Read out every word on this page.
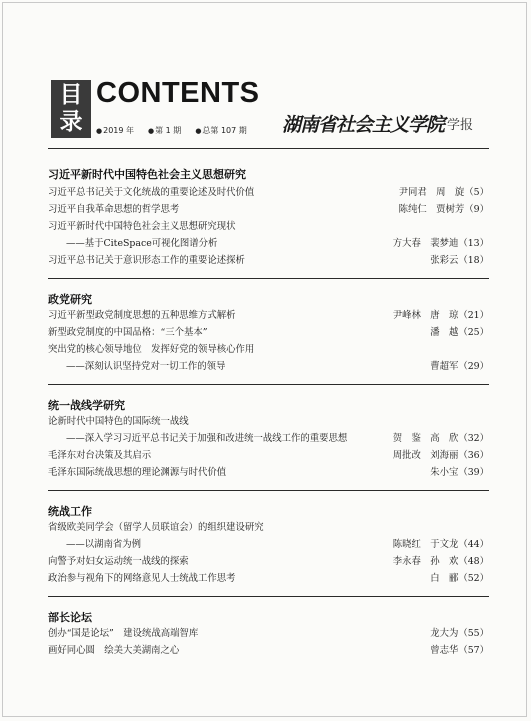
目
录
CONTENTS
● 2019 年	● 第 1 期	● 总第 107 期 湖南省社会主义学院 学报
习近平新时代中国特色社会主义思想研究
习近平总书记关于文化统战的重要论述及时代价值	尹同君　周　旋（5）
习近平自我革命思想的哲学思考	陈纯仁　贾树芳（9）
习近平新时代中国特色社会主义思想研究现状
——基于CiteSpace可视化图谱分析	方大春　裴梦迪（13）
习近平总书记关于意识形态工作的重要论述探析	张彩云（18）
政党研究
习近平新型政党制度思想的五种思维方式解析	尹峰林　唐　琼（21）
新型政党制度的中国品格：“三个基本”	潘　越（25）
突出党的核心领导地位　发挥好党的领导核心作用
——深刻认识坚持党对一切工作的领导	曹超军（29）
统一战线学研究
论新时代中国特色的国际统一战线
——深入学习习近平总书记关于加强和改进统一战线工作的重要思想	贺　鉴　高　欣（32）
毛泽东对台决策及其启示	周批改　刘海丽（36）
毛泽东国际统战思想的理论渊源与时代价值	朱小宝（39）
统战工作
省级欧美同学会（留学人员联谊会）的组织建设研究
——以湖南省为例	陈晓红　于文龙（44）
向警予对妇女运动统一战线的探索	李永春　孙　欢（48）
政治参与视角下的网络意见人士统战工作思考	白　郦（52）
部长论坛
创办“国是论坛”　建设统战高端智库	龙大为（55）
画好同心圆　绘美大美湖南之心	曾志华（57）
